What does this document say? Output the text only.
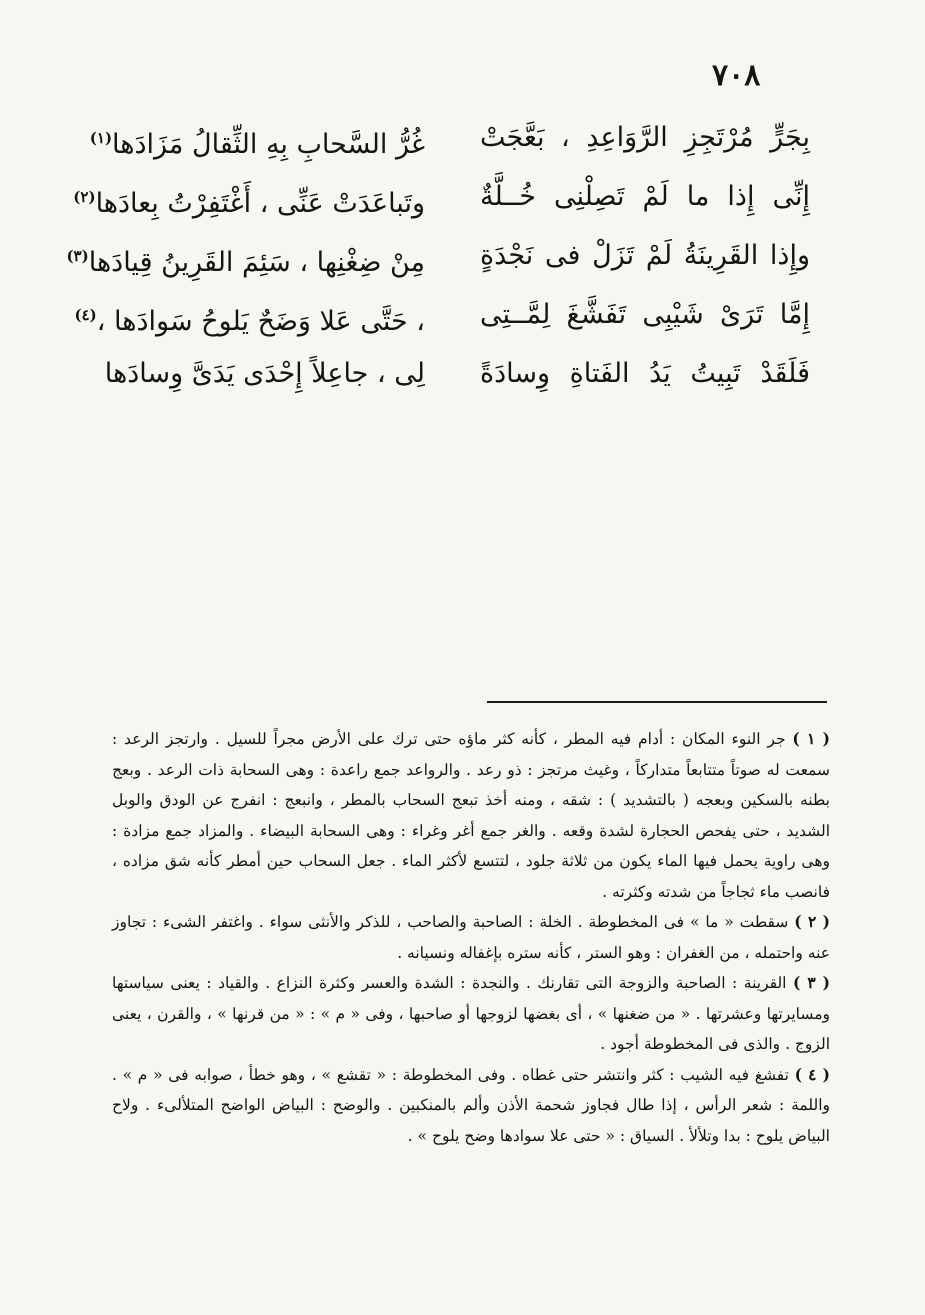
٧٠٨
بِجَرٍّ مُرْتَجِزِ الرَّوَاعِدِ ، بَعَّجَتْ
غُرُّ السَّحابِ بِهِ الثِّقالُ مَزَادَها$^{(١)}$
إِنِّى إِذا ما لَمْ تَصِلْنِى خُــلَّةٌ
وتَباعَدَتْ عَنِّى ، أَغْتَفِرْتُ بِعادَها$^{(٢)}$
وإِذا القَرِينَةُ لَمْ تَزَلْ فى نَجْدَةٍ
مِنْ ضِغْنِها ، سَئِمَ القَرِينُ قِيادَها$^{(٣)}$
إِمَّا تَرَىْ شَيْبِى تَفَشَّغَ لِمَّــتِى
، حَتَّى عَلا وَضَحٌ يَلوحُ سَوادَها ،$^{(٤)}$
فَلَقَدْ تَبِيتُ يَدُ الفَتاةِ وِسادَةً
لِى ، جاعِلاً إِحْدَى يَدَىَّ وِسادَها

( ١ ) جر النوء المكان : أدام فيه المطر ، كأنه كثر ماؤه حتى ترك على الأرض مجراً للسيل . وارتجز الرعد : سمعت له صوتاً متتابعاً متداركاً ، وغيث مرتجز : ذو رعد . والرواعد جمع راعدة : وهى السحابة ذات الرعد . وبعج بطنه بالسكين وبعجه ( بالتشديد ) : شقه ، ومنه أخذ تبعج السحاب بالمطر ، وانبعج : انفرج عن الودق والوبل الشديد ، حتى يفحص الحجارة لشدة وقعه . والغر جمع أغر وغراء : وهى السحابة البيضاء . والمزاد جمع مزادة : وهى راوية يحمل فيها الماء يكون من ثلاثة جلود ، لتتسع لأكثر الماء . جعل السحاب حين أمطر كأنه شق مزاده ، فانصب ماء ثجاجاً من شدته وكثرته .

( ٢ ) سقطت « ما » فى المخطوطة . الخلة : الصاحبة والصاحب ، للذكر والأنثى سواء . واغتفر الشىء : تجاوز عنه واحتمله ، من الغفران : وهو الستر ، كأنه ستره بإغفاله ونسيانه .

( ٣ ) القرينة : الصاحبة والزوجة التى تقارنك . والنجدة : الشدة والعسر وكثرة النزاع . والقياد : يعنى سياستها ومسايرتها وعشرتها . « من ضغنها » ، أى بغضها لزوجها أو صاحبها ، وفى « م » : « من قرنها » ، والقرن ، يعنى الزوج . والذى فى المخطوطة أجود .

( ٤ ) تفشغ فيه الشيب : كثر وانتشر حتى غطاه . وفى المخطوطة : « تقشع » ، وهو خطأ ، صوابه فى « م » . واللمة : شعر الرأس ، إذا طال فجاوز شحمة الأذن وألم بالمنكبين . والوضح : البياض الواضح المتلألىء . ولاح البياض يلوح : بدا وتلألأ . السياق : « حتى علا سوادها وضح يلوح » .
